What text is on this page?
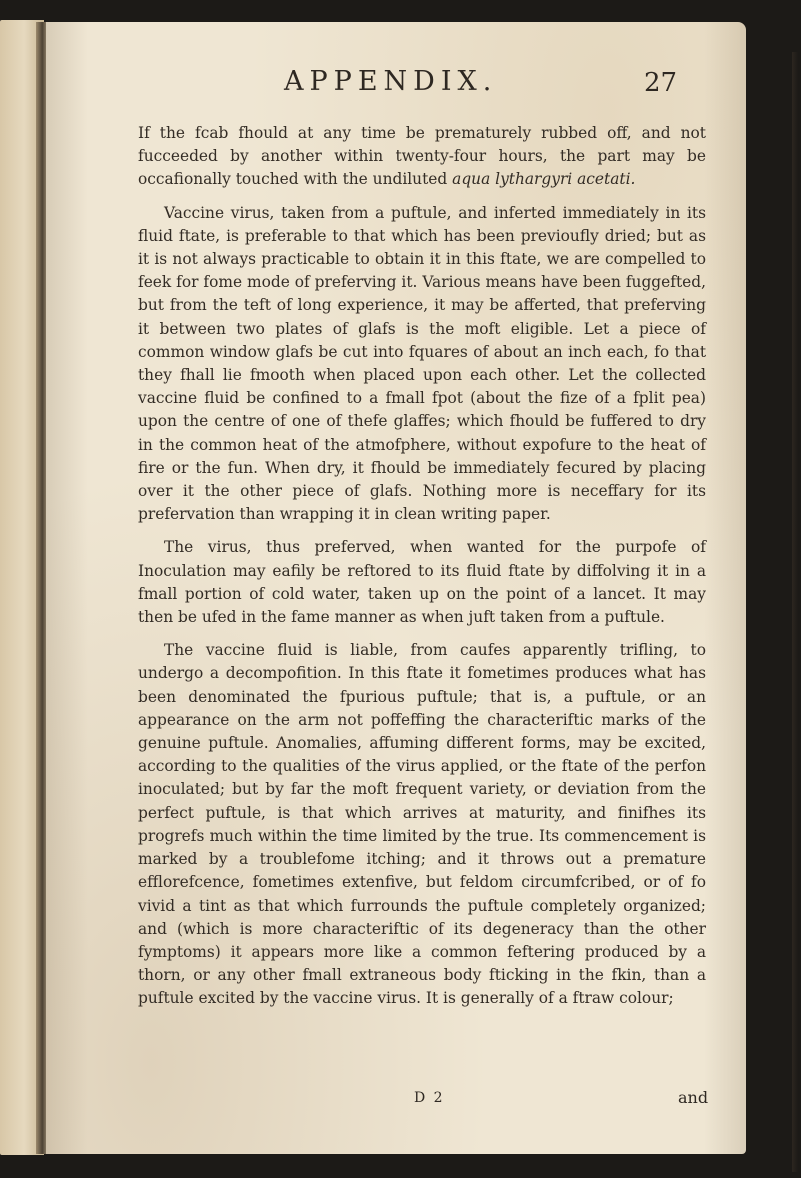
APPENDIX.	27

If the fcab fhould at any time be prematurely rubbed off, and not fucceeded by another within twenty-four hours, the part may be occafionally touched with the undiluted aqua lythargyri acetati.

Vaccine virus, taken from a puftule, and inferted immediately in its fluid ftate, is preferable to that which has been previoufly dried; but as it is not always practicable to obtain it in this ftate, we are compelled to feek for fome mode of preferving it. Various means have been fuggefted, but from the teft of long experience, it may be afferted, that preferving it between two plates of glafs is the moft eligible. Let a piece of common window glafs be cut into fquares of about an inch each, fo that they fhall lie fmooth when placed upon each other. Let the collected vaccine fluid be confined to a fmall fpot (about the fize of a fplit pea) upon the centre of one of thefe glaffes; which fhould be fuffered to dry in the common heat of the atmofphere, without expofure to the heat of fire or the fun. When dry, it fhould be immediately fecured by placing over it the other piece of glafs. Nothing more is neceffary for its prefervation than wrapping it in clean writing paper.

The virus, thus preferved, when wanted for the purpofe of Inoculation may eafily be reftored to its fluid ftate by diffolving it in a fmall portion of cold water, taken up on the point of a lancet. It may then be ufed in the fame manner as when juft taken from a puftule.

The vaccine fluid is liable, from caufes apparently trifling, to undergo a decompofition. In this ftate it fometimes produces what has been denominated the fpurious puftule; that is, a puftule, or an appearance on the arm not poffeffing the characteriftic marks of the genuine puftule. Anomalies, affuming different forms, may be excited, according to the qualities of the virus applied, or the ftate of the perfon inoculated; but by far the moft frequent variety, or deviation from the perfect puftule, is that which arrives at maturity, and finifhes its progrefs much within the time limited by the true. Its commencement is marked by a troublefome itching; and it throws out a premature efflorefcence, fometimes extenfive, but feldom circumfcribed, or of fo vivid a tint as that which furrounds the puftule completely organized; and (which is more characteriftic of its degeneracy than the other fymptoms) it appears more like a common feftering produced by a thorn, or any other fmall extraneous body fticking in the fkin, than a puftule excited by the vaccine virus. It is generally of a ftraw colour;

D 2	and
